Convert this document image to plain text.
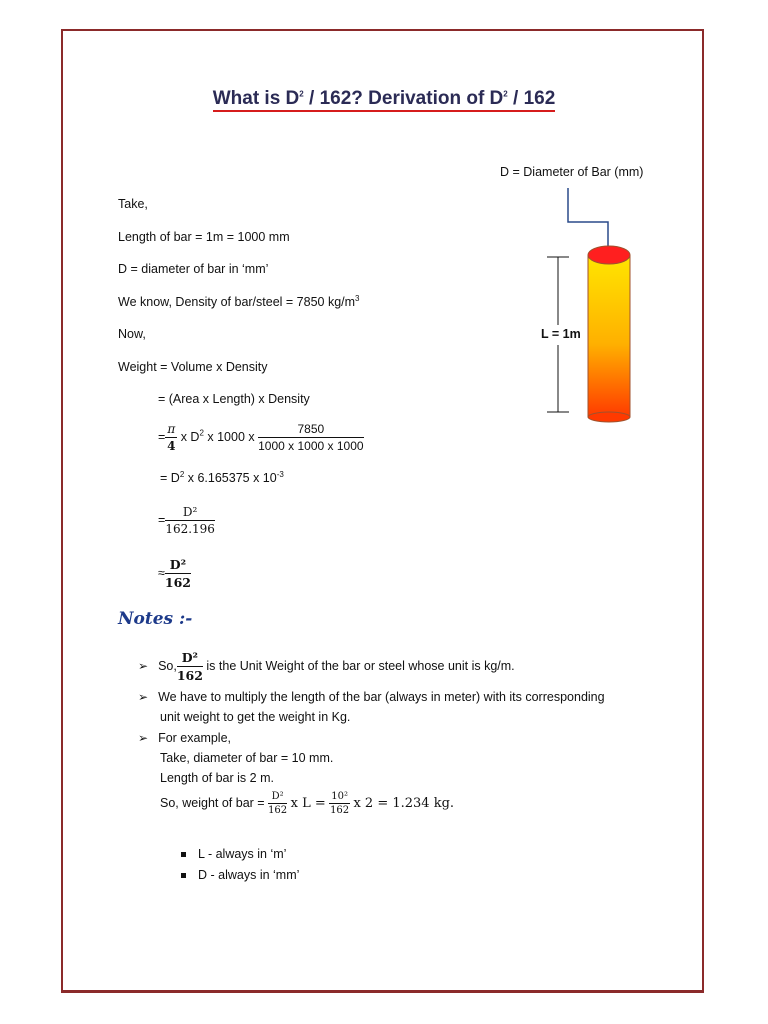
What is $D^2 / 162$? Derivation of $D^2 / 162$
D = Diameter of Bar (mm)
L = 1m
Take,
Length of bar = 1m = 1000 mm
D = diameter of bar in ‘mm’
We know, Density of bar/steel = 7850 $kg/m^3$
Now,
Weight = Volume x Density
= (Area x Length) x Density
= $\frac{\pi}{4}$ x $D^2$ x 1000 x $\frac{7850}{1000 x 1000 x 1000}$
= $D^2$ x 6.165375 x $10^{-3}$
= $\frac{\text{D²}}{162.196}$
≈ $\frac{\text{D²}}{162}$
Notes :-
➢ So, $\frac{\text{D²}}{162}$ is the Unit Weight of the bar or steel whose unit is kg/m.
➢ We have to multiply the length of the bar (always in meter) with its corresponding
unit weight to get the weight in Kg.
➢ For example,
Take, diameter of bar = 10 mm.
Length of bar is 2 m.
So, weight of bar = $\frac{\text{D²}}{162}$ x $L = \frac{\text{10²}}{162}$ x 2 = 1.234 kg.
L - always in ‘m’
D - always in ‘mm’
